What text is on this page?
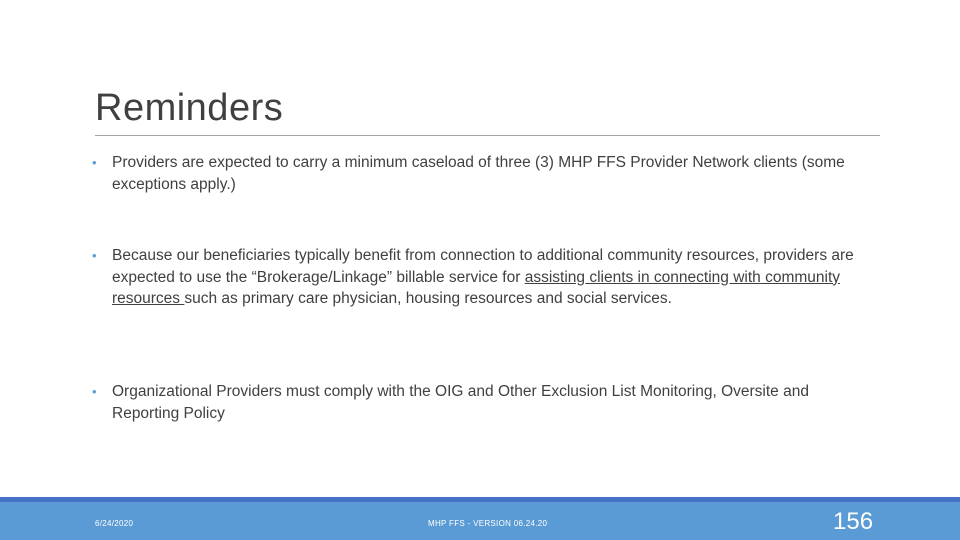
Reminders
• Providers are expected to carry a minimum caseload of three (3) MHP FFS Provider Network clients (some exceptions apply.)
• Because our beneficiaries typically benefit from connection to additional community resources, providers are expected to use the “Brokerage/Linkage” billable service for assisting clients in connecting with community resources such as primary care physician, housing resources and social services.
• Organizational Providers must comply with the OIG and Other Exclusion List Monitoring, Oversite and Reporting Policy
6/24/2020	MHP FFS - VERSION 06.24.20	156
